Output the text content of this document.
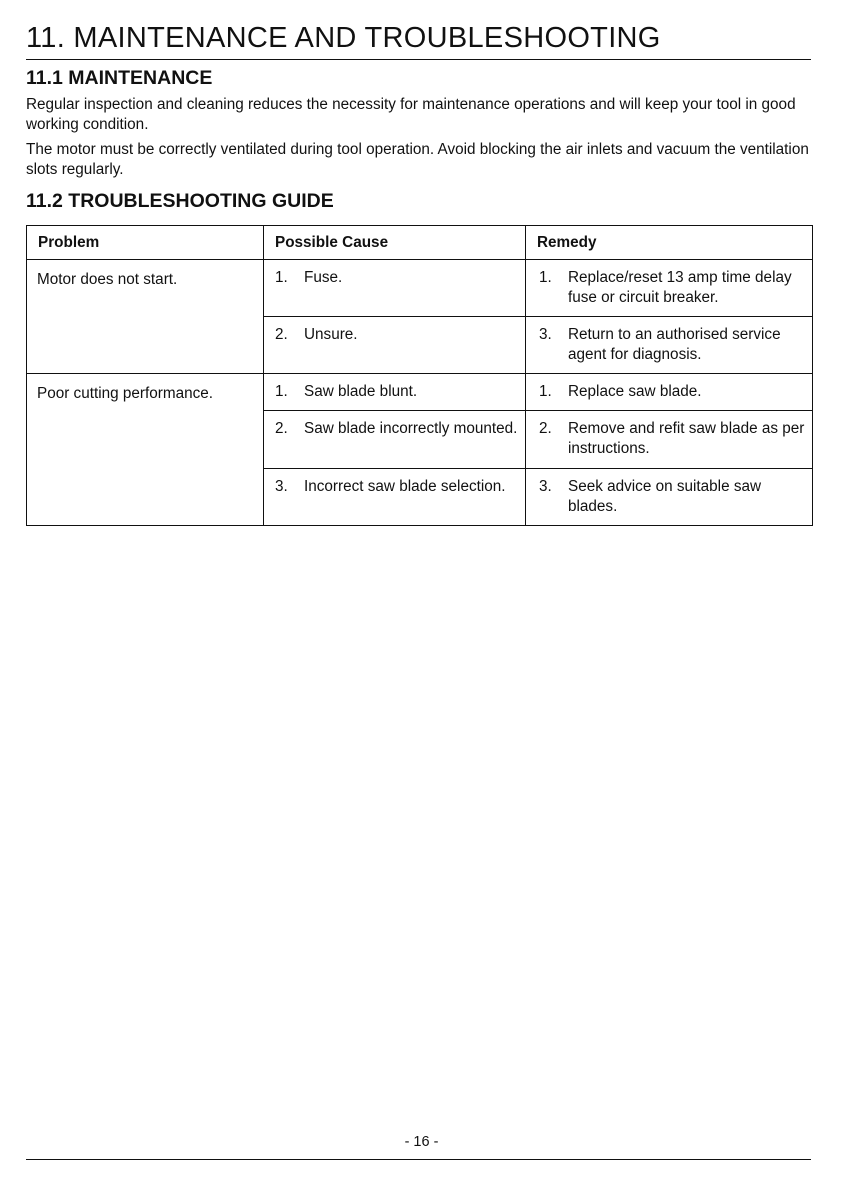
11. MAINTENANCE AND TROUBLESHOOTING
11.1 MAINTENANCE

Regular inspection and cleaning reduces the necessity for maintenance operations and will keep your tool in good working condition.

The motor must be correctly ventilated during tool operation. Avoid blocking the air inlets and vacuum the ventilation slots regularly.

11.2 TROUBLESHOOTING GUIDE
Problem	Possible Cause	Remedy
Motor does not start.	1. Fuse.	1. Replace/reset 13 amp time delay fuse or circuit breaker.

	2. Unsure.	3. Return to an authorised service agent for diagnosis.

Poor cutting performance.	1. Saw blade blunt.	1. Replace saw blade.

	2. Saw blade incorrectly mounted.	2. Remove and refit saw blade as per instructions.

	3. Incorrect saw blade selection.	3. Seek advice on suitable saw blades.
- 16 -
